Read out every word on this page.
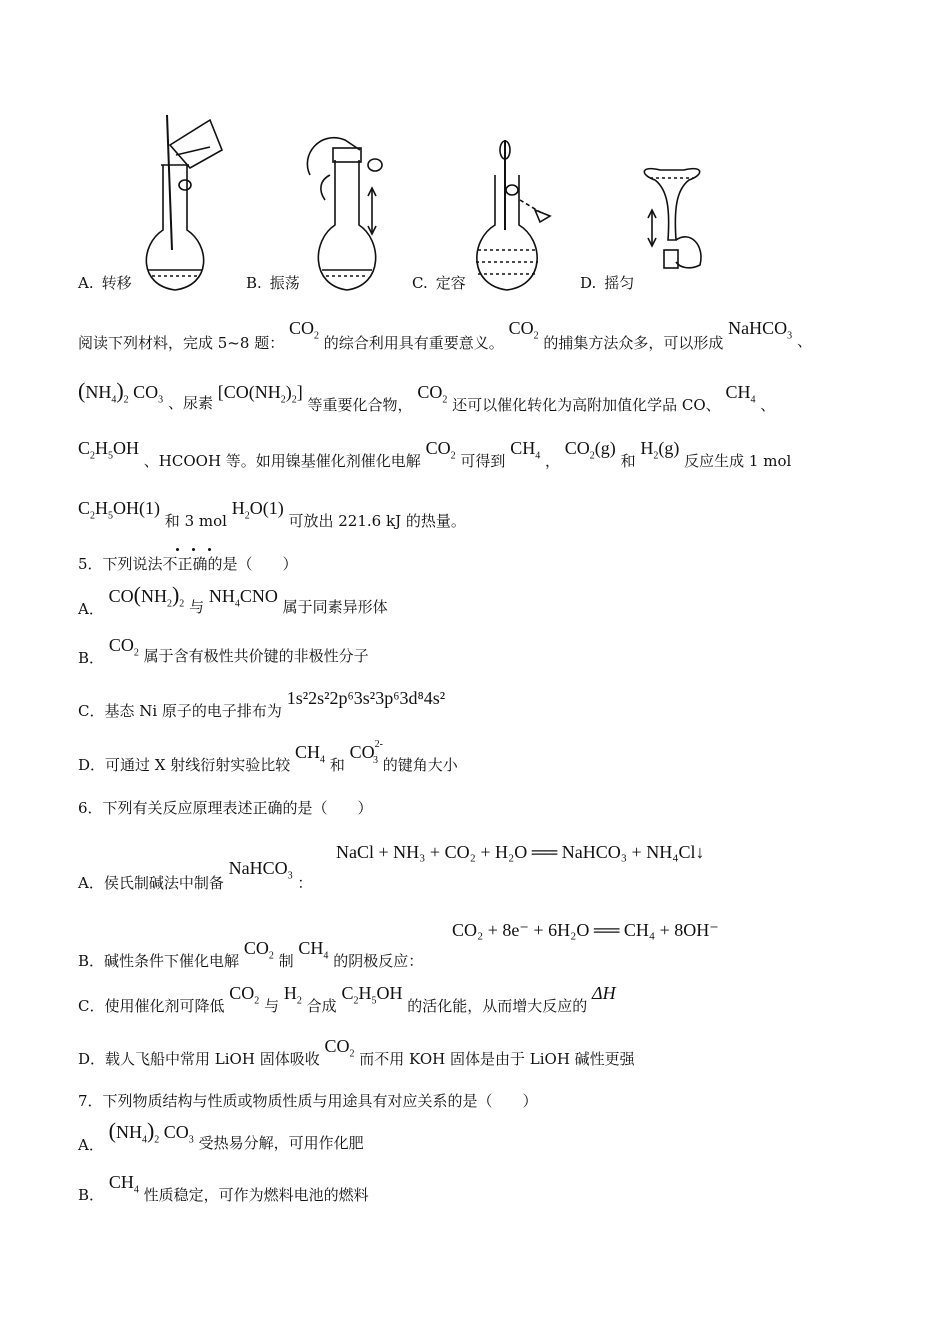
A. 转移	B. 振荡	C. 定容	D. 摇匀
阅读下列材料，完成 5~8 题： $CO_2$ 的综合利用具有重要意义。 $CO_2$ 的捕集方法众多，可以形成 NaHCO$_3$ 、
$(NH_4)_2$ $CO_3$ 、尿素 $[CO(NH_2)_2]$ 等重要化合物， $CO_2$ 还可以催化转化为高附加值化学品 CO、 $CH_4$ 、
$C_2H_5OH$ 、HCOOH 等。如用镍基催化剂催化电解 $CO_2$ 可得到 $CH_4$ ， $CO_2(g)$ 和 $H_2(g)$ 反应生成 1 mol
$C_2H_5OH(1)$ 和 3 mol $H_2O(1)$ 可放出 221.6 kJ 的热量。
5．下列说法不正确的是（　　）
A． $CO(NH_2)_2$ 与 $NH_4CNO$ 属于同素异形体
B． $CO_2$ 属于含有极性共价键的非极性分子
C．基态 Ni 原子的电子排布为 1s²2s²2p⁶3s²3p⁶3d⁸4s²
D．可通过 X 射线衍射实验比较 $CH_4$ 和 $CO^{2-}_3$ 的键角大小
6．下列有关反应原理表述正确的是（　　）
NaCl + NH₃ + CO₂ + H₂O ══ NaHCO₃ + NH₄Cl↓
A．侯氏制碱法中制备 NaHCO$_3$ ：
CO₂ + 8e⁻ + 6H₂O ══ CH₄ + 8OH⁻
B．碱性条件下催化电解 $CO_2$ 制 $CH_4$ 的阴极反应：
C．使用催化剂可降低 $CO_2$ 与 $H_2$ 合成 $C_2H_5OH$ 的活化能，从而增大反应的 ΔH
D．载人飞船中常用 LiOH 固体吸收 $CO_2$ 而不用 KOH 固体是由于 LiOH 碱性更强
7．下列物质结构与性质或物质性质与用途具有对应关系的是（　　）
A． $(NH_4)_2$ $CO_3$ 受热易分解，可用作化肥
B． $CH_4$ 性质稳定，可作为燃料电池的燃料
